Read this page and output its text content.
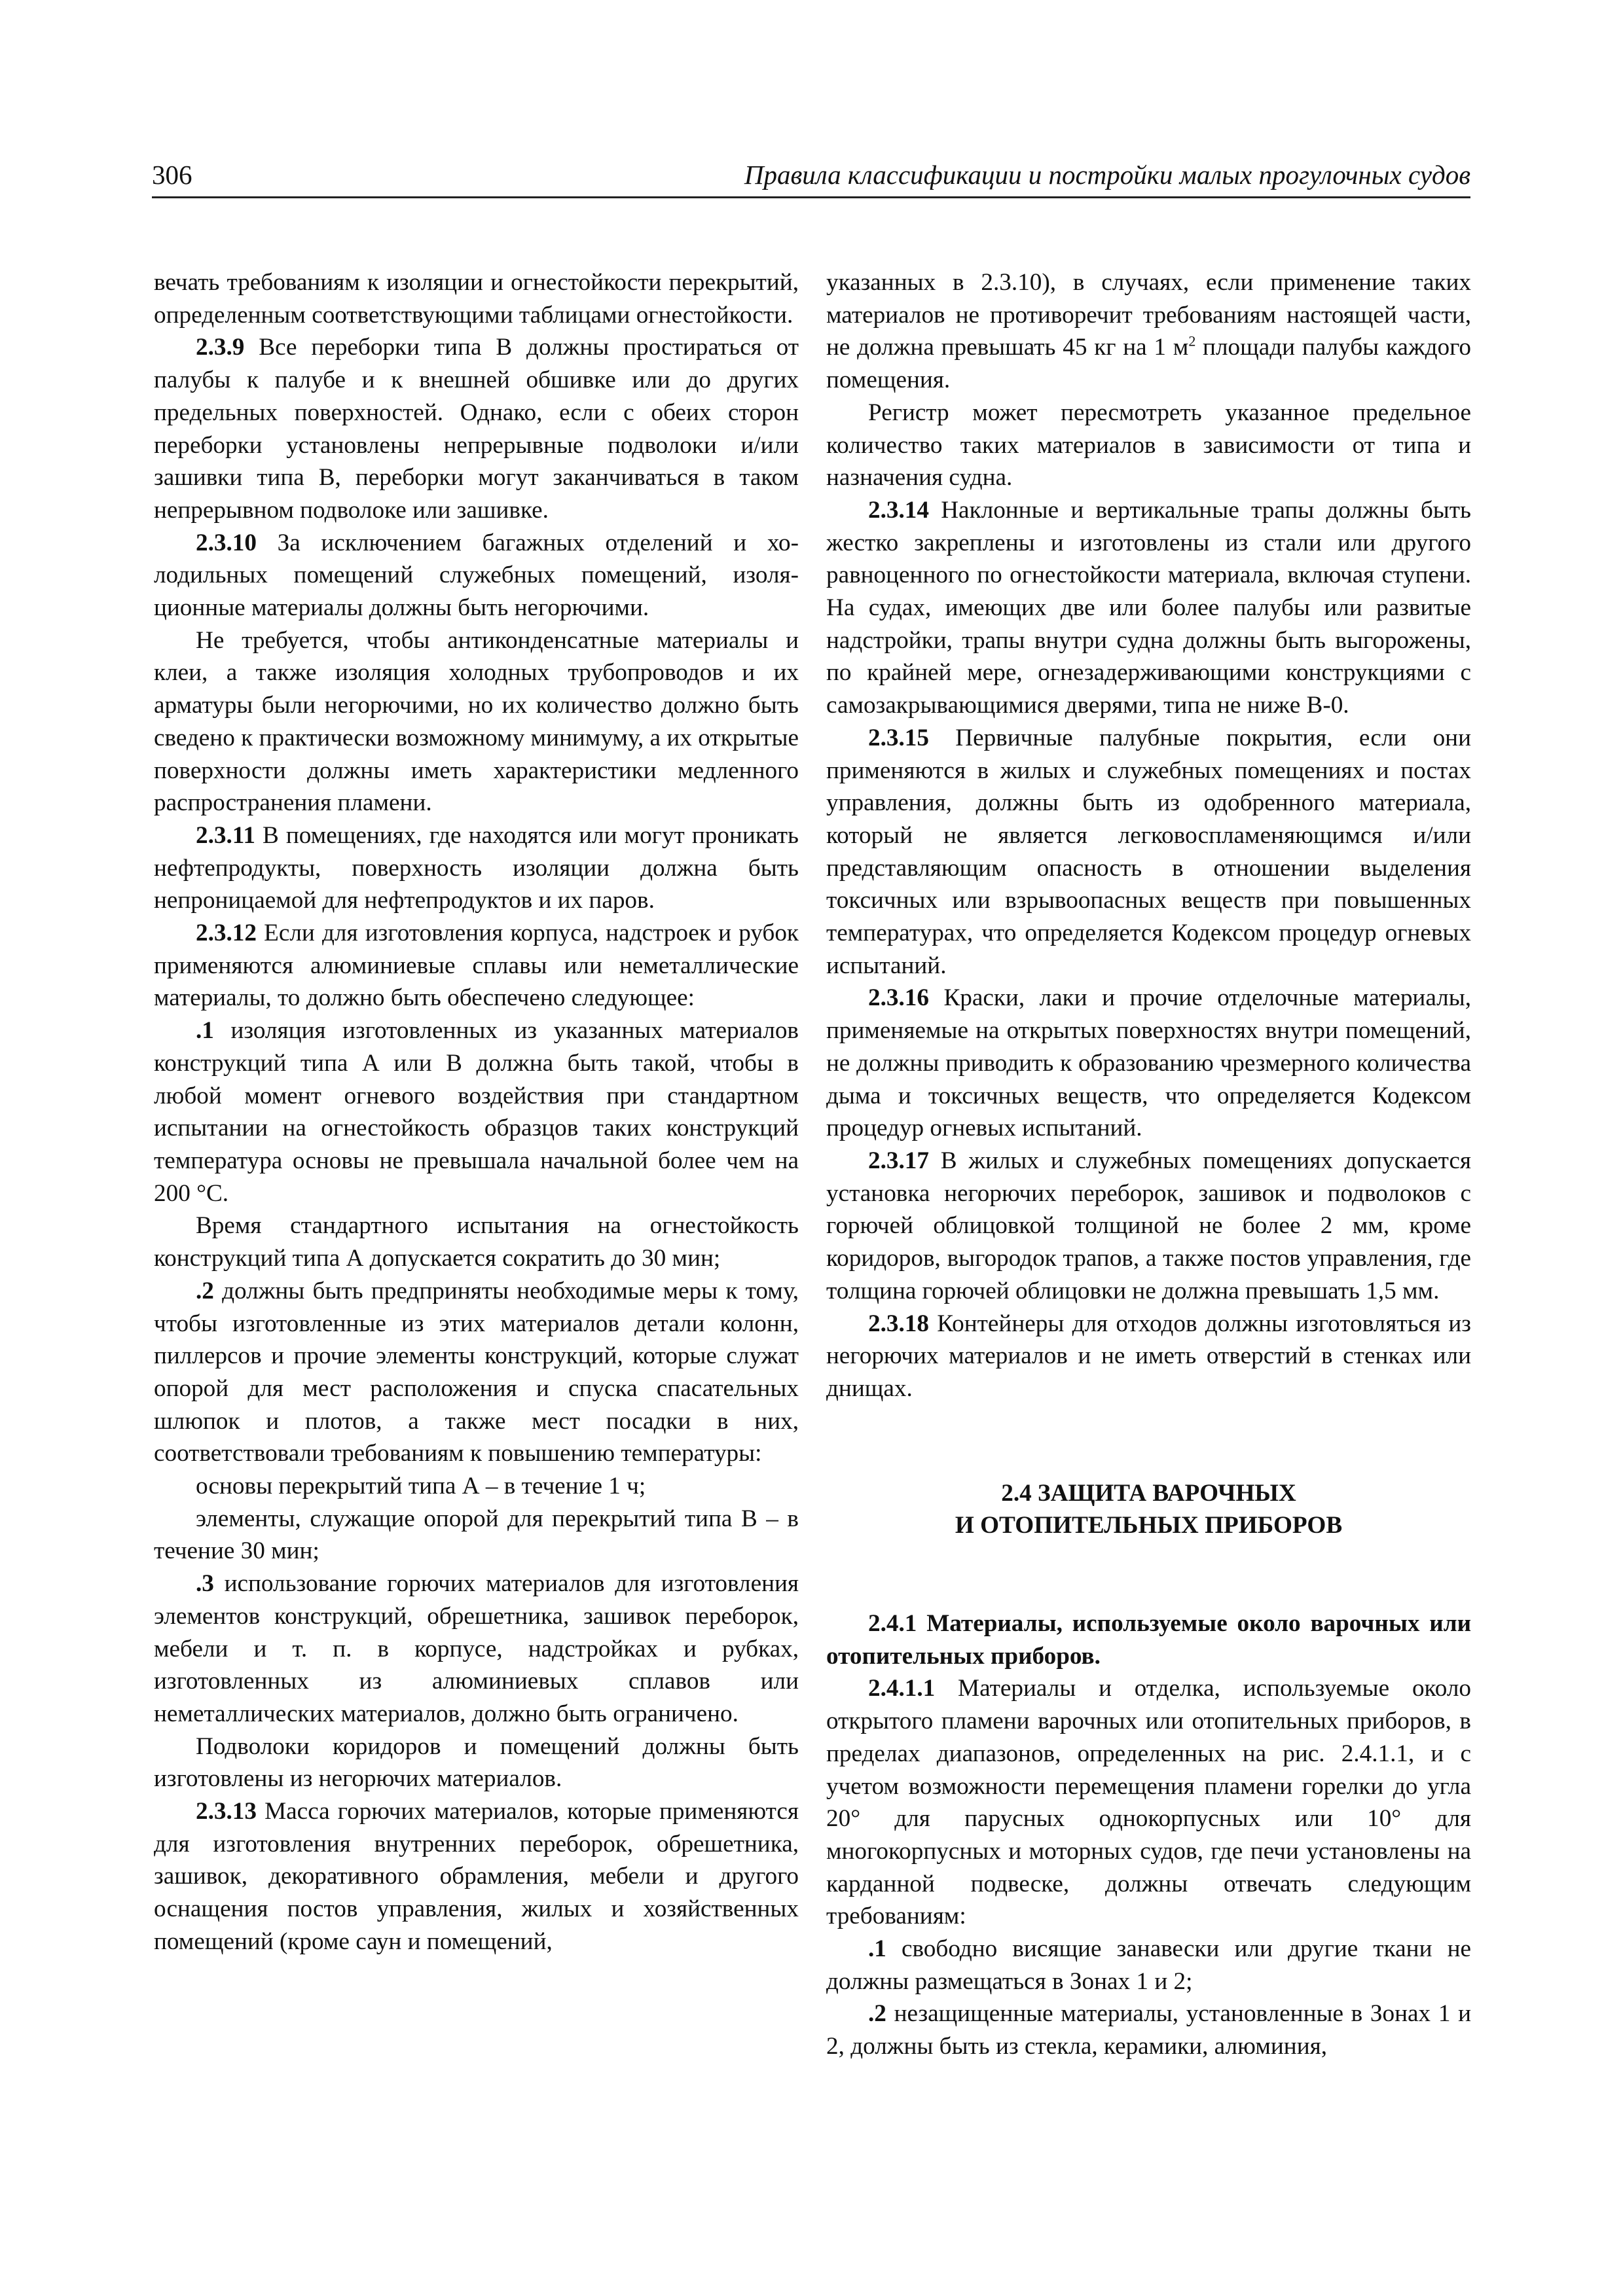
306	Правила классификации и постройки малых прогулочных судов

вечать требованиям к изоляции и огнестойкости перекрытий, определенным соответствующими таблицами огнестойкости.

2.3.9 Все переборки типа В должны простираться от палубы к палубе и к внешней обшивке или до других предельных поверхностей. Однако, если с обеих сторон переборки установлены непрерывные подволоки и/или зашивки типа В, переборки могут заканчиваться в таком непрерывном подволоке или зашивке.

2.3.10 За исключением багажных отделений и холодильных помещений служебных помещений, изоляционные материалы должны быть негорючими.

Не требуется, чтобы антиконденсатные материалы и клеи, а также изоляция холодных трубопроводов и их арматуры были негорючими, но их количество должно быть сведено к практически возможному минимуму, а их открытые поверхности должны иметь характеристики медленного распространения пламени.

2.3.11 В помещениях, где находятся или могут проникать нефтепродукты, поверхность изоляции должна быть непроницаемой для нефтепродуктов и их паров.

2.3.12 Если для изготовления корпуса, надстроек и рубок применяются алюминиевые сплавы или неметаллические материалы, то должно быть обеспечено следующее:

.1 изоляция изготовленных из указанных материалов конструкций типа А или В должна быть такой, чтобы в любой момент огневого воздействия при стандартном испытании на огнестойкость образцов таких конструкций температура основы не превышала начальной более чем на 200 °С.

Время стандартного испытания на огнестойкость конструкций типа А допускается сократить до 30 мин;

.2 должны быть предприняты необходимые меры к тому, чтобы изготовленные из этих материалов детали колонн, пиллерсов и прочие элементы конструкций, которые служат опорой для мест расположения и спуска спасательных шлюпок и плотов, а также мест посадки в них, соответствовали требованиям к повышению температуры:

основы перекрытий типа А – в течение 1 ч;

элементы, служащие опорой для перекрытий типа В – в течение 30 мин;

.3 использование горючих материалов для изготовления элементов конструкций, обрешетника, зашивок переборок, мебели и т. п. в корпусе, надстройках и рубках, изготовленных из алюминиевых сплавов или неметаллических материалов, должно быть ограничено.

Подволоки коридоров и помещений должны быть изготовлены из негорючих материалов.

2.3.13 Масса горючих материалов, которые применяются для изготовления внутренних переборок, обрешетника, зашивок, декоративного обрамления, мебели и другого оснащения постов управления, жилых и хозяйственных помещений (кроме саун и помещений,

указанных в 2.3.10), в случаях, если применение таких материалов не противоречит требованиям настоящей части, не должна превышать 45 кг на 1 $м^2$ площади палубы каждого помещения.

Регистр может пересмотреть указанное предельное количество таких материалов в зависимости от типа и назначения судна.

2.3.14 Наклонные и вертикальные трапы должны быть жестко закреплены и изготовлены из стали или другого равноценного по огнестойкости материала, включая ступени. На судах, имеющих две или более палубы или развитые надстройки, трапы внутри судна должны быть выгорожены, по крайней мере, огнезадерживающими конструкциями с самозакрывающимися дверями, типа не ниже В-0.

2.3.15 Первичные палубные покрытия, если они применяются в жилых и служебных помещениях и постах управления, должны быть из одобренного материала, который не является легковоспламеняющимся и/или представляющим опасность в отношении выделения токсичных или взрывоопасных веществ при повышенных температурах, что определяется Кодексом процедур огневых испытаний.

2.3.16 Краски, лаки и прочие отделочные материалы, применяемые на открытых поверхностях внутри помещений, не должны приводить к образованию чрезмерного количества дыма и токсичных веществ, что определяется Кодексом процедур огневых испытаний.

2.3.17 В жилых и служебных помещениях допускается установка негорючих переборок, зашивок и подволоков с горючей облицовкой толщиной не более 2 мм, кроме коридоров, выгородок трапов, а также постов управления, где толщина горючей облицовки не должна превышать 1,5 мм.

2.3.18 Контейнеры для отходов должны изготовляться из негорючих материалов и не иметь отверстий в стенках или днищах.

2.4 ЗАЩИТА ВАРОЧНЫХ
И ОТОПИТЕЛЬНЫХ ПРИБОРОВ

2.4.1 Материалы, используемые около варочных или отопительных приборов.

2.4.1.1 Материалы и отделка, используемые около открытого пламени варочных или отопительных приборов, в пределах диапазонов, определенных на рис. 2.4.1.1, и с учетом возможности перемещения пламени горелки до угла 20° для парусных однокорпусных или 10° для многокорпусных и моторных судов, где печи установлены на карданной подвеске, должны отвечать следующим требованиям:

.1 свободно висящие занавески или другие ткани не должны размещаться в Зонах 1 и 2;

.2 незащищенные материалы, установленные в Зонах 1 и 2, должны быть из стекла, керамики, алюминия,
